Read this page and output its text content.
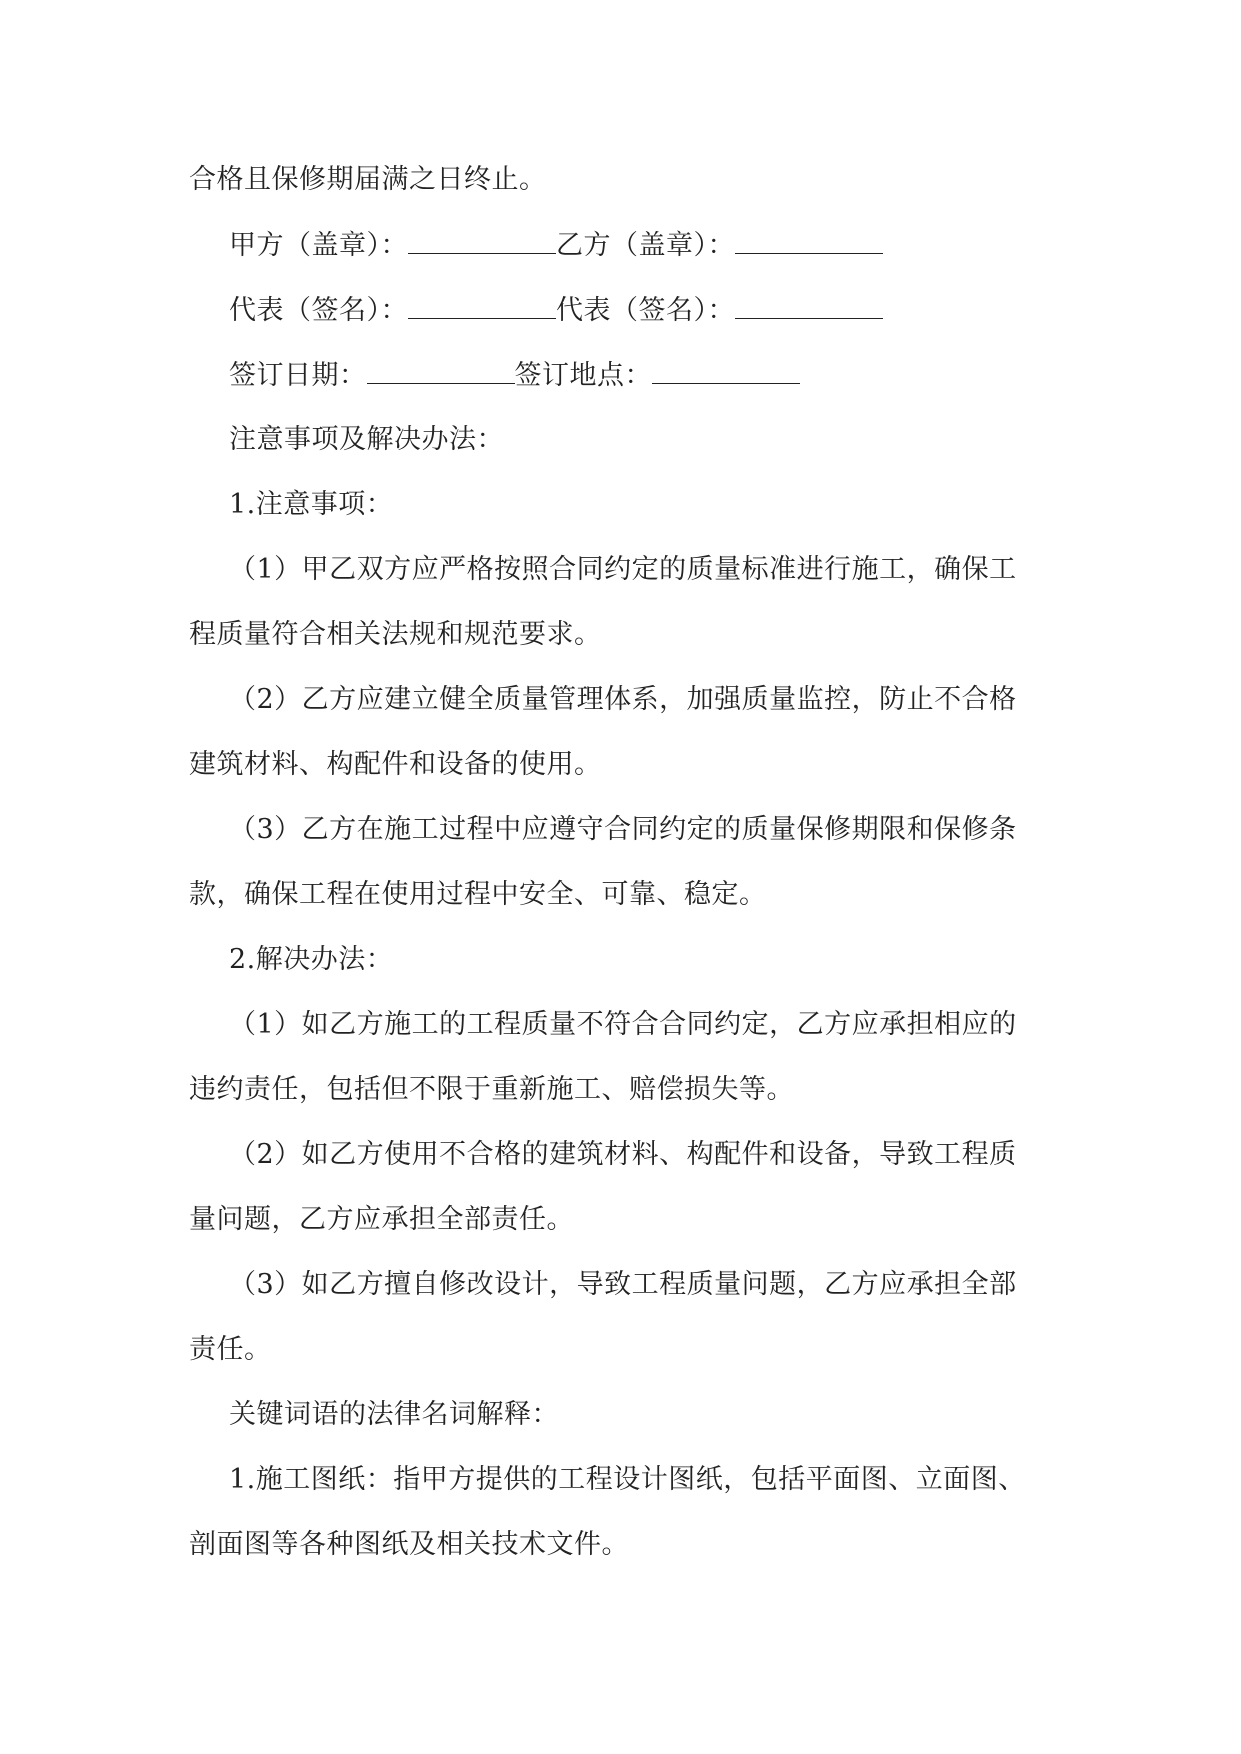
合格且保修期届满之日终止。
甲方（盖章）：	乙方（盖章）：
代表（签名）：	代表（签名）：
签订日期：	签订地点：
注意事项及解决办法：
1.注意事项：
（1）甲乙双方应严格按照合同约定的质量标准进行施工，确保工
程质量符合相关法规和规范要求。
（2）乙方应建立健全质量管理体系，加强质量监控，防止不合格
建筑材料、构配件和设备的使用。
（3）乙方在施工过程中应遵守合同约定的质量保修期限和保修条
款，确保工程在使用过程中安全、可靠、稳定。
2.解决办法：
（1）如乙方施工的工程质量不符合合同约定，乙方应承担相应的
违约责任，包括但不限于重新施工、赔偿损失等。
（2）如乙方使用不合格的建筑材料、构配件和设备，导致工程质
量问题，乙方应承担全部责任。
（3）如乙方擅自修改设计，导致工程质量问题，乙方应承担全部
责任。
关键词语的法律名词解释：
1.施工图纸：指甲方提供的工程设计图纸，包括平面图、立面图、
剖面图等各种图纸及相关技术文件。
